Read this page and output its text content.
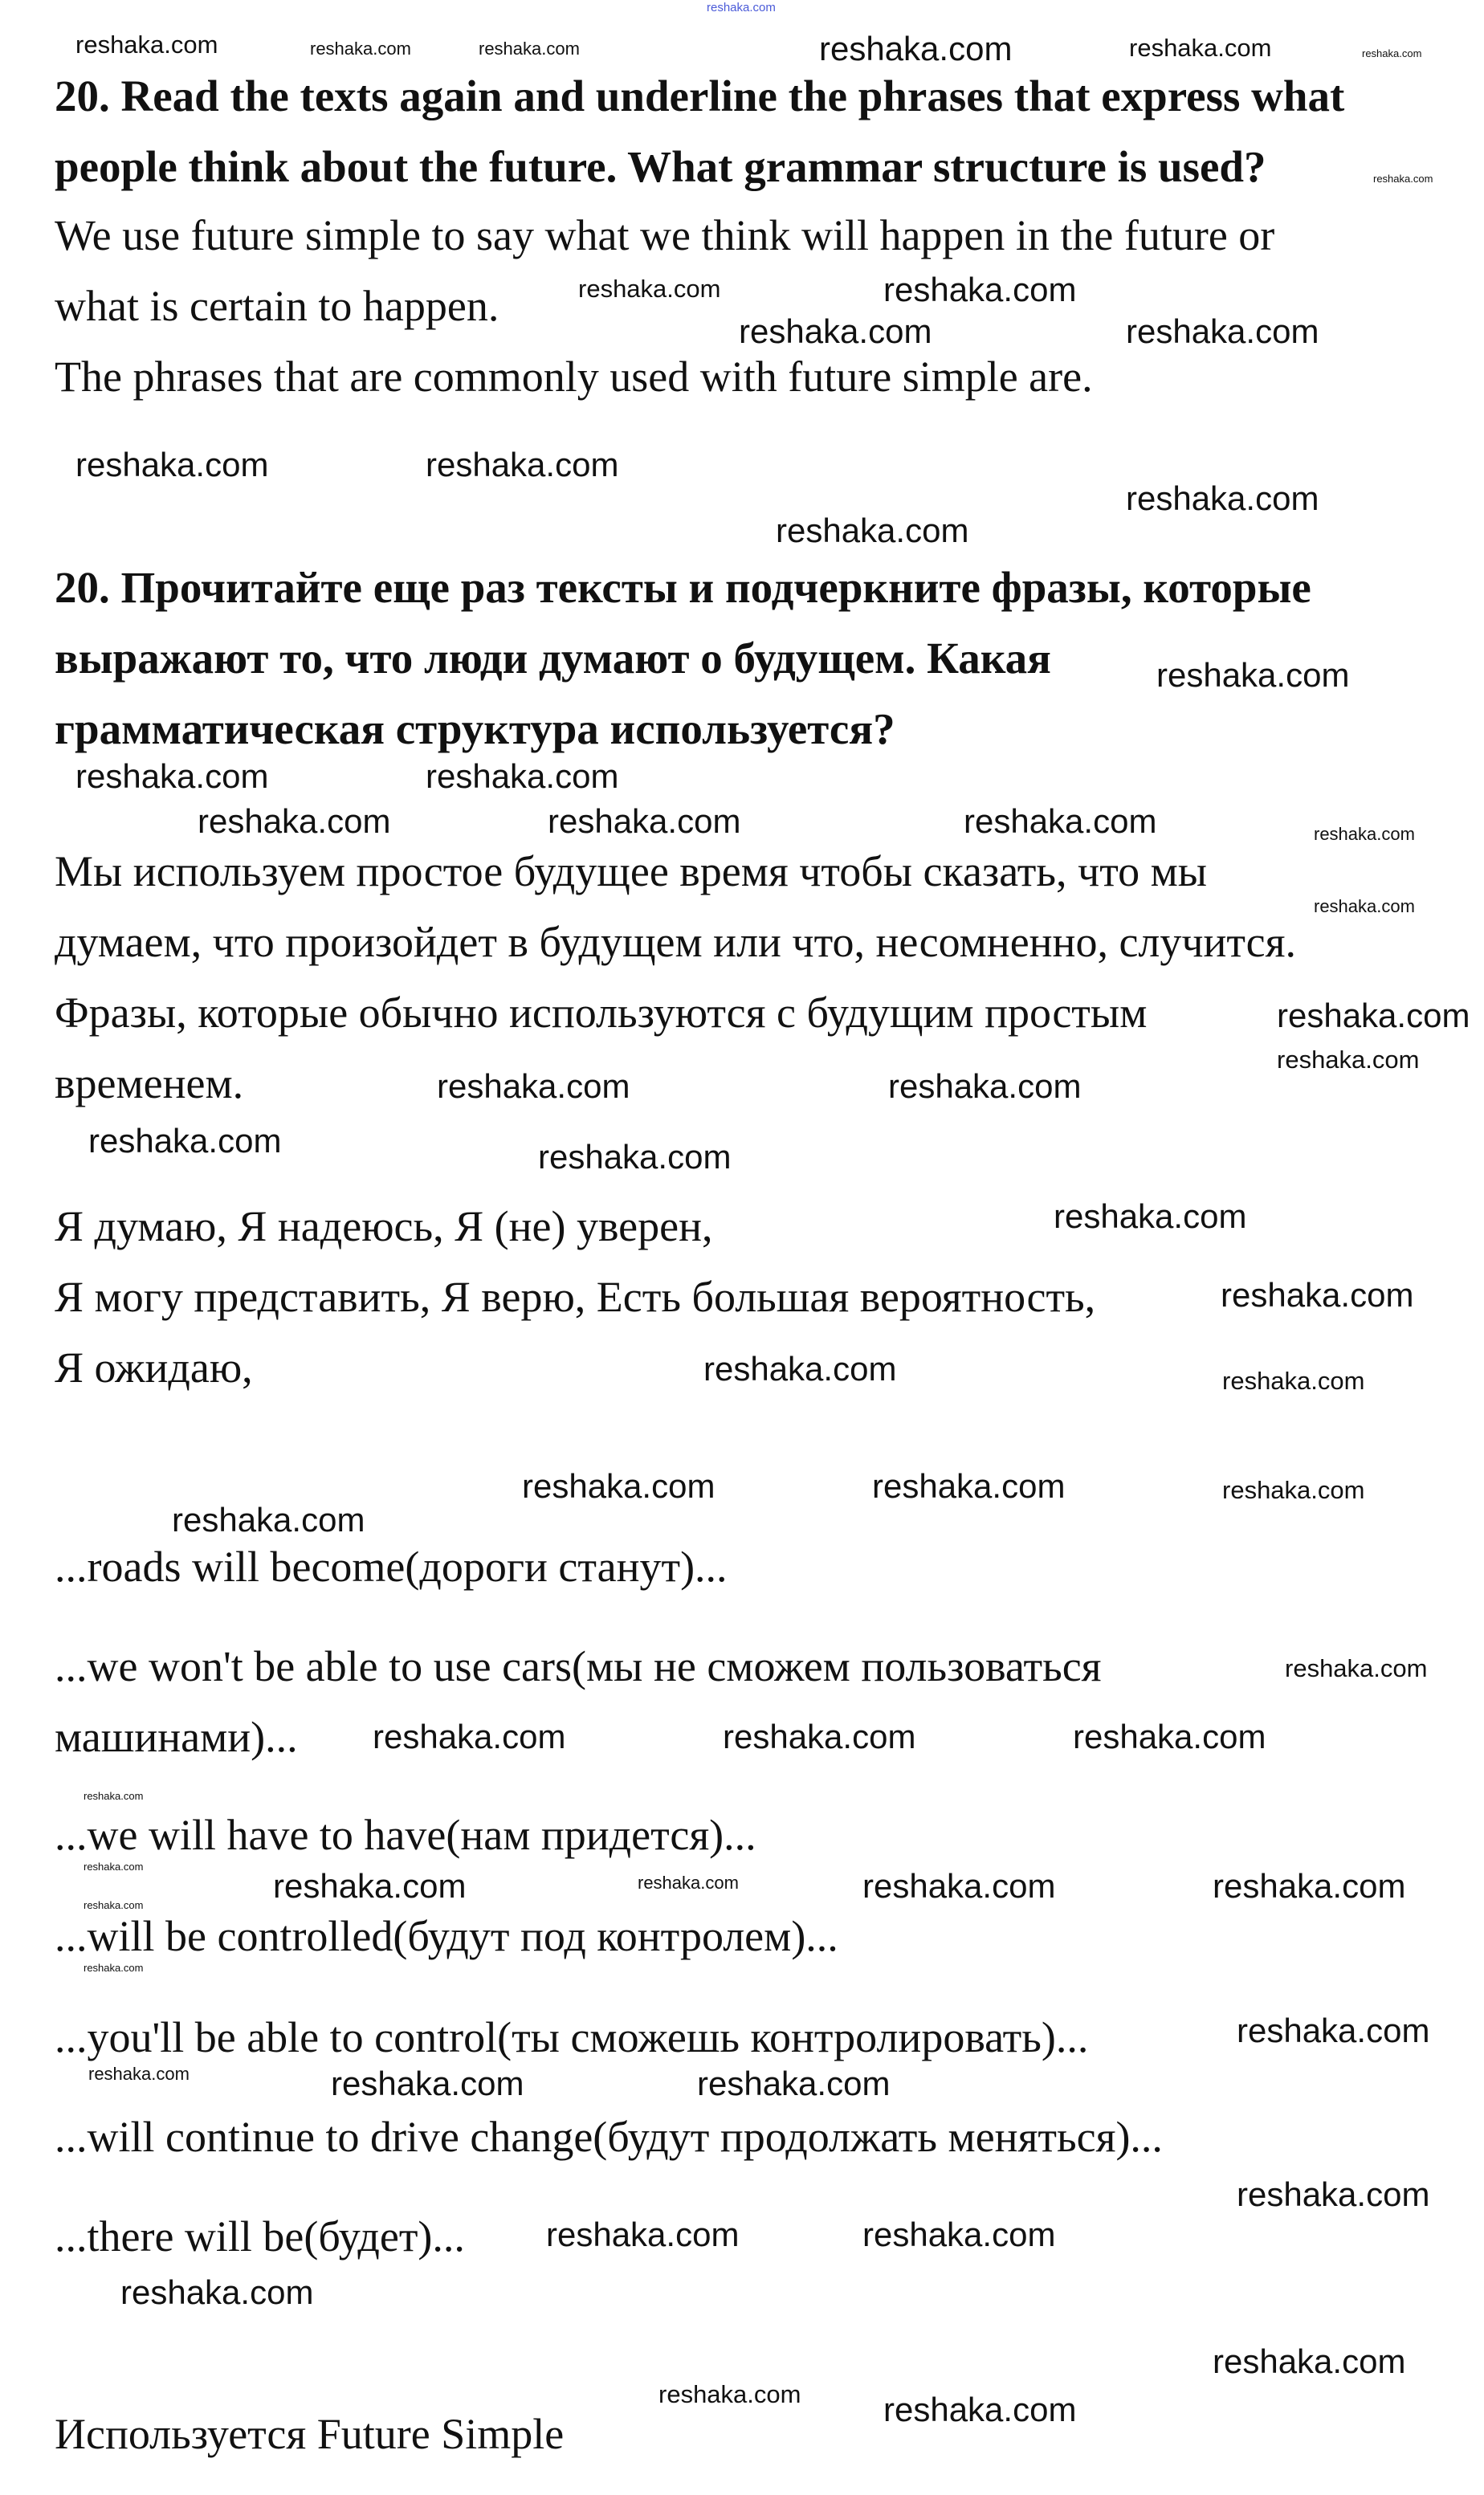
20. Read the texts again and underline the phrases that express what
people think about the future. What grammar structure is used?
We use future simple to say what we think will happen in the future or
what is certain to happen.
The phrases that are commonly used with future simple are.
20. Прочитайте еще раз тексты и подчеркните фразы, которые
выражают то, что люди думают о будущем. Какая
грамматическая структура используется?
Мы используем простое будущее время чтобы сказать, что мы
думаем, что произойдет в будущем или что, несомненно, случится.
Фразы, которые обычно используются с будущим простым
временем.
Я думаю, Я надеюсь, Я (не) уверен,
Я могу представить, Я верю, Есть большая вероятность,
Я ожидаю,
...roads will become(дороги станут)...
...we won't be able to use cars(мы не сможем пользоваться
машинами)...
...we will have to have(нам придется)...
...will be controlled(будут под контролем)...
...you'll be able to control(ты сможешь контролировать)...
...will continue to drive change(будут продолжать меняться)...
...there will be(будет)...
Используется Future Simple
reshaka.com
reshaka.com	reshaka.com	reshaka.com	reshaka.com	reshaka.com	reshaka.com
reshaka.com
reshaka.com	reshaka.com
reshaka.com	reshaka.com
reshaka.com	reshaka.com
reshaka.com
reshaka.com
reshaka.com	reshaka.com
reshaka.com
reshaka.com	reshaka.com	reshaka.com	reshaka.com
reshaka.com
reshaka.com
reshaka.com
reshaka.com
reshaka.com
reshaka.com
reshaka.com
reshaka.com
reshaka.com
reshaka.com	reshaka.com
reshaka.com	reshaka.com	reshaka.com
reshaka.com
reshaka.com
reshaka.com	reshaka.com	reshaka.com
reshaka.com
reshaka.com
reshaka.com	reshaka.com	reshaka.com	reshaka.com
reshaka.com
reshaka.com
reshaka.com
reshaka.com	reshaka.com	reshaka.com
reshaka.com
reshaka.com	reshaka.com
reshaka.com
reshaka.com
reshaka.com reshaka.com
